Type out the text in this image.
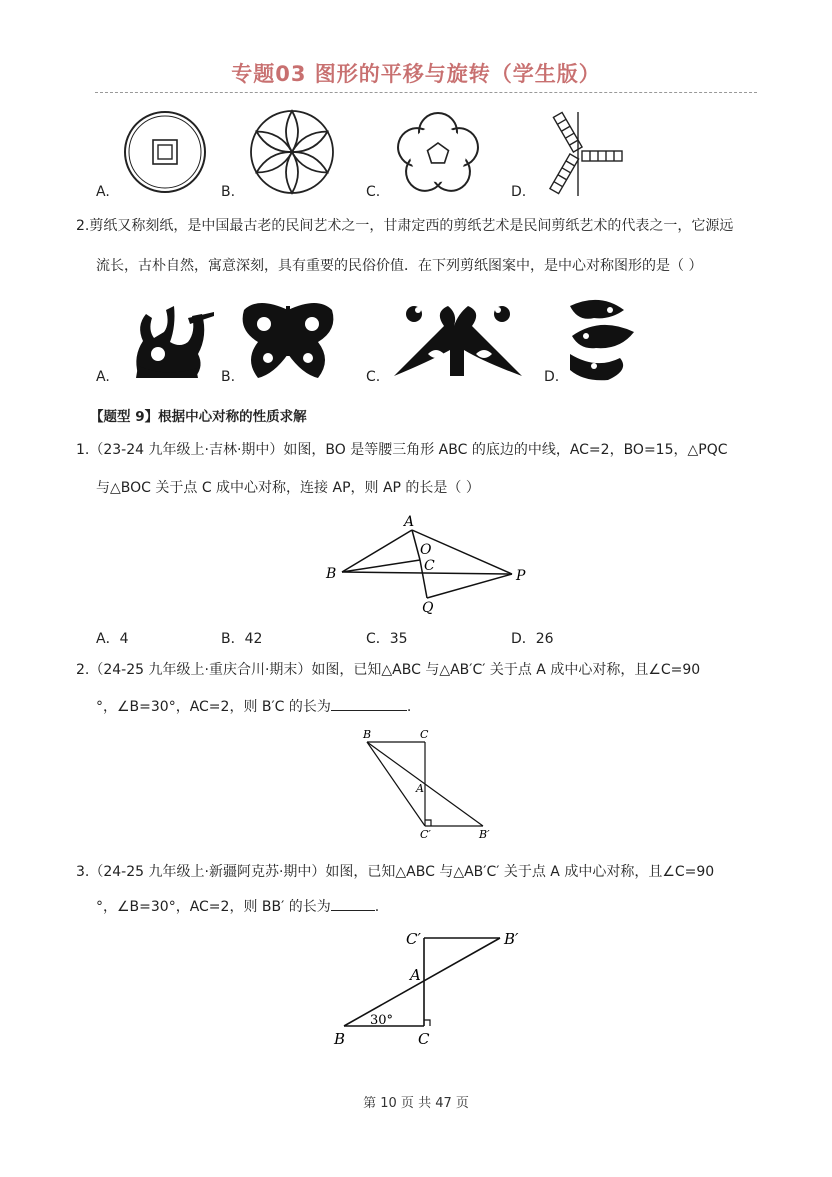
专题03 图形的平移与旋转（学生版）
A.	B.	C.	D.
2.剪纸又称刻纸，是中国最古老的民间艺术之一，甘肃定西的剪纸艺术是民间剪纸艺术的代表之一，它源远
流长，古朴自然，寓意深刻，具有重要的民俗价值．在下列剪纸图案中，是中心对称图形的是（ ）
A.	B.	C.	D.
【题型 9】根据中心对称的性质求解
1.（23-24 九年级上·吉林·期中）如图，BO 是等腰三角形 ABC 的底边的中线，AC=2，BO=15，△PQC
与△BOC 关于点 C 成中心对称，连接 AP，则 AP 的长是（ ）
A
O
C
B	P
Q
A．4	B．42	C．35	D．26
2.（24-25 九年级上·重庆合川·期末）如图，已知△ABC 与△AB′C′ 关于点 A 成中心对称，且∠C=90
°，∠B=30°，AC=2，则 B′C 的长为	.
B	C
A
C′	B′
3.（24-25 九年级上·新疆阿克苏·期中）如图，已知△ABC 与△AB′C′ 关于点 A 成中心对称，且∠C=90
°，∠B=30°，AC=2，则 BB′ 的长为	.
C′	B′
A
30°
B	C
第 10 页 共 47 页
